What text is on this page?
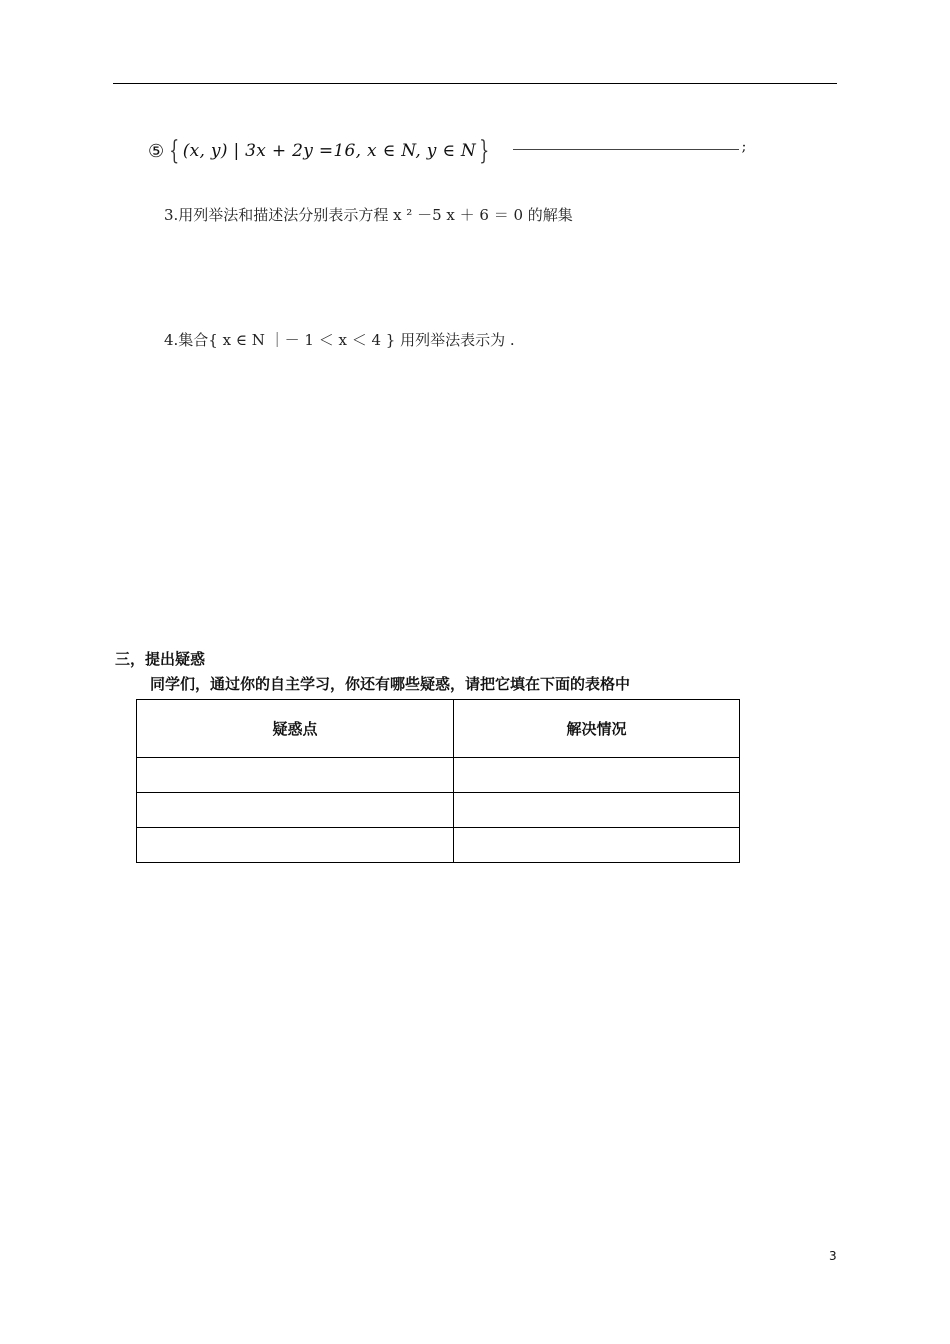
⑤ { (x, y) | 3x + 2y =16, x ∈ N, y ∈ N }	;
3.用列举法和描述法分别表示方程 x ² －5 x ＋ 6 ＝ 0 的解集
4.集合{ x ∈ N ｜－ 1 ＜ x ＜ 4 } 用列举法表示为 .
三，提出疑惑
同学们，通过你的自主学习，你还有哪些疑惑，请把它填在下面的表格中
疑惑点	解决情况

3
